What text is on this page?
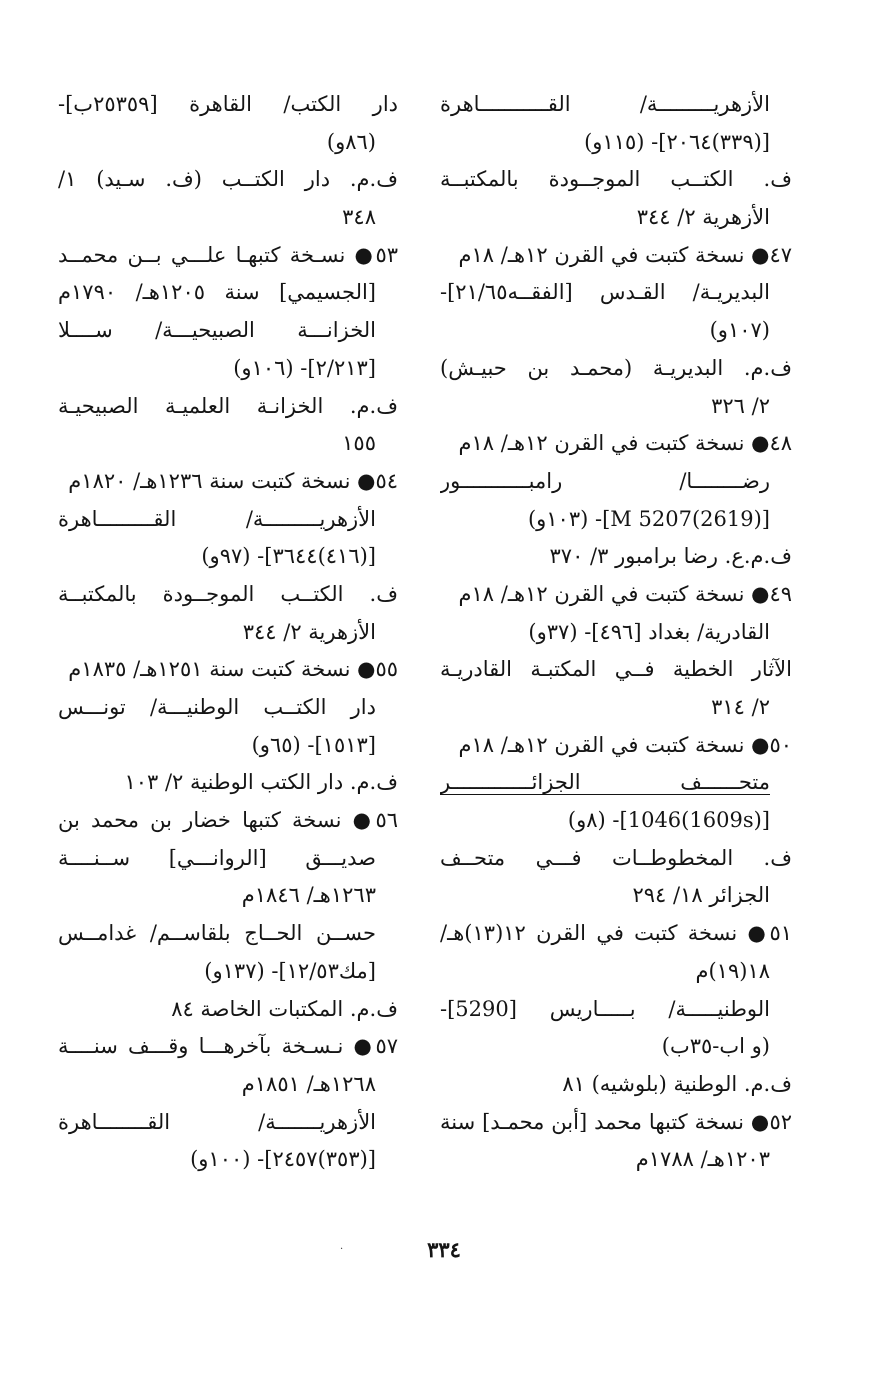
الأزهريـــــــــة/ القـــــــــــاهرة
[(٣٣٩)٢٠٦٤]- (١١٥و)
ف. الكتــب الموجــودة بالمكتبــة
الأزهرية ٢/ ٣٤٤
٤٧● نسخة كتبت في القرن ١٢هـ/ ١٨م
البديريـة/ القـدس [الفقــه٢١/٦٥]-
(١٠٧و)
ف.م. البديريـة (محمـد بن حبيـش)
٢/ ٣٢٦
٤٨● نسخة كتبت في القرن ١٢هـ/ ١٨م
رضــــــــا/ رامبـــــــــــور
[(2619)5207 M]- (١٠٣و)
ف.م.ع. رضا برامبور ٣/ ٣٧٠
٤٩● نسخة كتبت في القرن ١٢هـ/ ١٨م
القادرية/ بغداد [٤٩٦]- (٣٧و)
الآثار الخطية فــي المكتبـة القادريـة
٢/ ٣١٤
٥٠● نسخة كتبت في القرن ١٢هـ/ ١٨م
متحــــــف الجزائـــــــــــــر
[(1609s)1046]- (٨و)
ف. المخطوطــات فـــي متحــف
الجزائر ١٨/ ٢٩٤
٥١● نسخة كتبت في القرن ١٢(١٣)هـ/
١٨(١٩)م
الوطنيـــــة/ بـــــاريس [5290]-
(و اب-٣٥ب)
ف.م. الوطنية (بلوشيه) ٨١
٥٢● نسخة كتبها محمد [أبن محمـد] سنة
١٢٠٣هـ/ ١٧٨٨م
دار الكتب/ القاهرة [٢٥٣٥٩ب]-
(٨٦و)
ف.م. دار الكتــب (ف. سـيد) ١/
٣٤٨
٥٣● نسـخة كتبهـا علـــي بــن محمــد
[الجسيمي] سنة ١٢٠٥هـ/ ١٧٩٠م
الخزانـــة الصبيحيـــة/ ســــلا
[٢/٢١٣]- (١٠٦و)
ف.م. الخزانـة العلميـة الصبيحيـة
١٥٥
٥٤● نسخة كتبت سنة ١٢٣٦هـ/ ١٨٢٠م
الأزهريـــــــــة/ القـــــــــاهرة
[(٤١٦)٣٦٤٤]- (٩٧و)
ف. الكتــب الموجــودة بالمكتبــة
الأزهرية ٢/ ٣٤٤
٥٥● نسخة كتبت سنة ١٢٥١هـ/ ١٨٣٥م
دار الكتــب الوطنيـــة/ تونـــس
[١٥١٣]- (٦٥و)
ف.م. دار الكتب الوطنية ٢/ ١٠٣
٥٦● نسخة كتبها خضار بن محمد بن
صديـــق [الروانـــي] ســنــــة
١٢٦٣هـ/ ١٨٤٦م
حســن الحــاج بلقاســم/ غدامــس
[مك١٢/٥٣]- (١٣٧و)
ف.م. المكتبات الخاصة ٨٤
٥٧● نـسـخة بآخرهـــا وقـــف سنــــة
١٢٦٨هـ/ ١٨٥١م
الأزهريـــــــة/ القــــــــاهرة
[(٣٥٣)٢٤٥٧]- (١٠٠و)
·	٣٣٤
